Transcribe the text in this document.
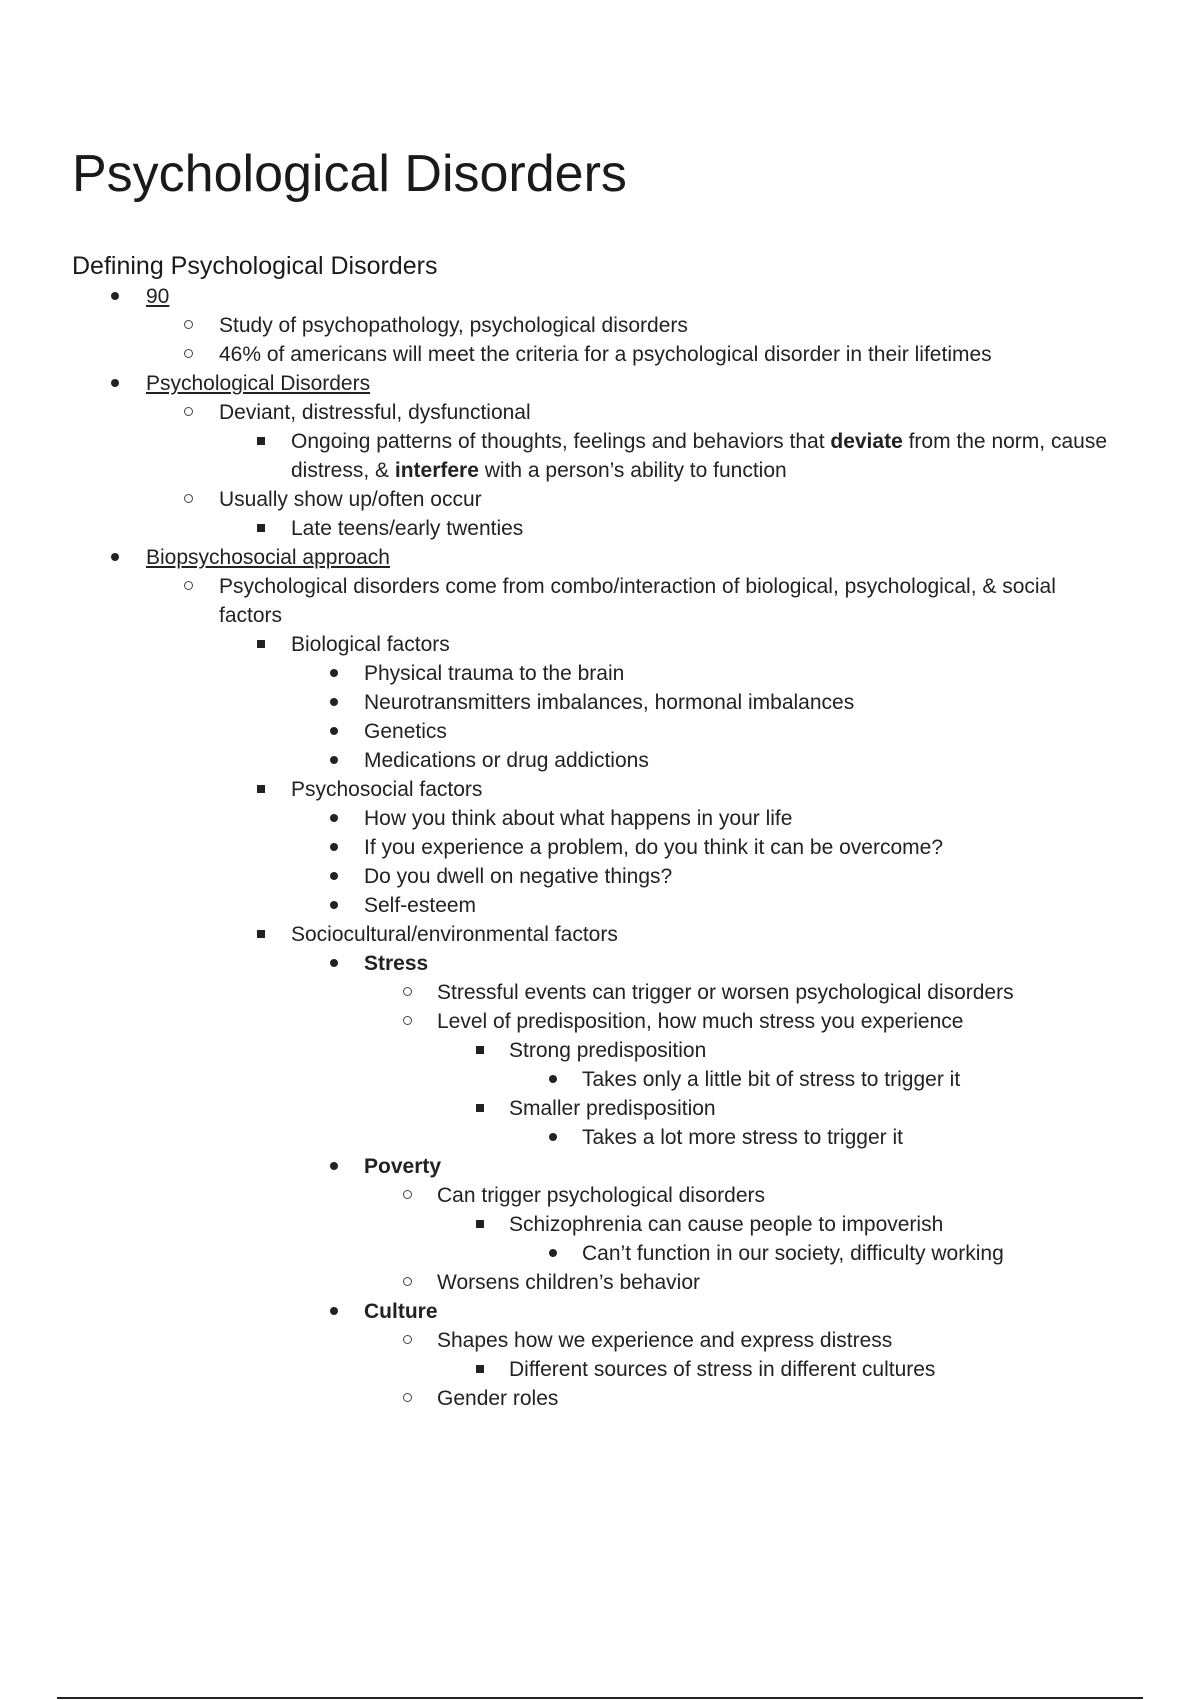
Psychological Disorders
Defining Psychological Disorders
90
Study of psychopathology, psychological disorders
46% of americans will meet the criteria for a psychological disorder in their lifetimes
Psychological Disorders
Deviant, distressful, dysfunctional
Ongoing patterns of thoughts, feelings and behaviors that deviate from the norm, cause distress, & interfere with a person’s ability to function
Usually show up/often occur
Late teens/early twenties
Biopsychosocial approach
Psychological disorders come from combo/interaction of biological, psychological, & social factors
Biological factors
Physical trauma to the brain
Neurotransmitters imbalances, hormonal imbalances
Genetics
Medications or drug addictions
Psychosocial factors
How you think about what happens in your life
If you experience a problem, do you think it can be overcome?
Do you dwell on negative things?
Self-esteem
Sociocultural/environmental factors
Stress
Stressful events can trigger or worsen psychological disorders
Level of predisposition, how much stress you experience
Strong predisposition
Takes only a little bit of stress to trigger it
Smaller predisposition
Takes a lot more stress to trigger it
Poverty
Can trigger psychological disorders
Schizophrenia can cause people to impoverish
Can’t function in our society, difficulty working
Worsens children’s behavior
Culture
Shapes how we experience and express distress
Different sources of stress in different cultures
Gender roles
